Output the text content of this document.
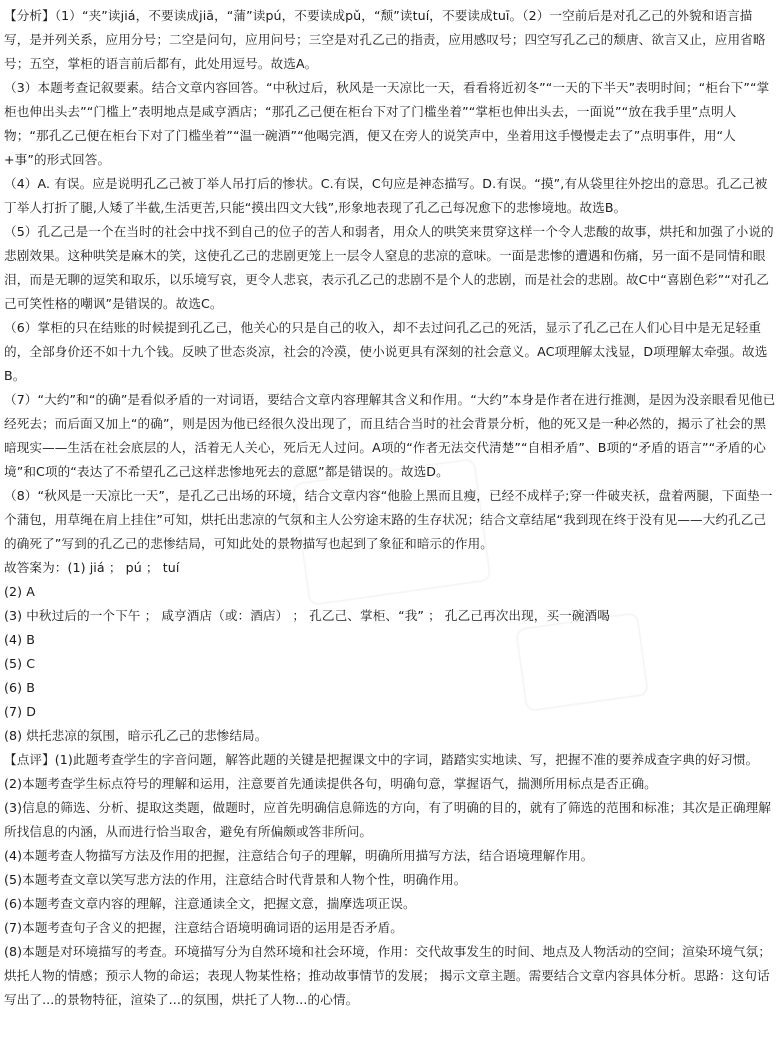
【分析】（1）“夹”读jiá，不要读成jiā，“蒲”读pú，不要读成pǔ，“颓”读tuí，不要读成tuī。（2）一空前后是对孔乙己的外貌和语言描写，是并列关系，应用分号；二空是问句，应用问号；三空是对孔乙己的指责，应用感叹号；四空写孔乙己的颓唐、欲言又止，应用省略号；五空，掌柜的语言前后都有，此处用逗号。故选A。

（3）本题考查记叙要素。结合文章内容回答。“中秋过后，秋风是一天凉比一天，看看将近初冬”“一天的下半天”表明时间；“柜台下”“掌柜也伸出头去”“门槛上”表明地点是咸亨酒店；“那孔乙己便在柜台下对了门槛坐着”“掌柜也伸出头去，一面说”“放在我手里”点明人物；“那孔乙己便在柜台下对了门槛坐着”“温一碗酒”“他喝完酒，便又在旁人的说笑声中，坐着用这手慢慢走去了”点明事件，用“人+事”的形式回答。

（4）A. 有误。应是说明孔乙己被丁举人吊打后的惨状。C.有误，C句应是神态描写。D.有误。“摸”,有从袋里往外挖出的意思。孔乙己被丁举人打折了腿,人矮了半截,生活更苦,只能“摸出四文大钱”,形象地表现了孔乙己每况愈下的悲惨境地。故选B。

（5）孔乙己是一个在当时的社会中找不到自己的位子的苦人和弱者，用众人的哄笑来贯穿这样一个令人悲酸的故事，烘托和加强了小说的悲剧效果。这种哄笑是麻木的笑，这使孔乙己的悲剧更笼上一层令人窒息的悲凉的意味。一面是悲惨的遭遇和伤痛，另一面不是同情和眼泪，而是无聊的逗笑和取乐，以乐境写哀，更令人悲哀，表示孔乙己的悲剧不是个人的悲剧，而是社会的悲剧。故C中“喜剧色彩”“对孔乙己可笑性格的嘲讽”是错误的。故选C。

（6）掌柜的只在结账的时候提到孔乙己，他关心的只是自己的收入，却不去过问孔乙己的死活，显示了孔乙己在人们心目中是无足轻重的，全部身价还不如十九个钱。反映了世态炎凉，社会的冷漠，使小说更具有深刻的社会意义。AC项理解太浅显，D项理解太牵强。故选B。

（7）“大约”和“的确”是看似矛盾的一对词语，要结合文章内容理解其含义和作用。“大约”本身是作者在进行推测，是因为没亲眼看见他已经死去；而后面又加上“的确”，则是因为他已经很久没出现了，而且结合当时的社会背景分析，他的死又是一种必然的，揭示了社会的黑暗现实——生活在社会底层的人，活着无人关心，死后无人过问。A项的“作者无法交代清楚”“自相矛盾”、B项的“矛盾的语言”“矛盾的心境”和C项的“表达了不希望孔乙己这样悲惨地死去的意愿”都是错误的。故选D。

（8）“秋风是一天凉比一天”，是孔乙己出场的环境，结合文章内容“他脸上黑而且瘦，已经不成样子;穿一件破夹袄，盘着两腿，下面垫一个蒲包，用草绳在肩上挂住”可知，烘托出悲凉的气氛和主人公穷途末路的生存状况；结合文章结尾“我到现在终于没有见——大约孔乙己的确死了”写到的孔乙己的悲惨结局，可知此处的景物描写也起到了象征和暗示的作用。

故答案为：(1) jiá ； pú ； tuí

(2) A

(3) 中秋过后的一个下午 ； 咸亨酒店（或：酒店） ； 孔乙己、掌柜、“我” ； 孔乙己再次出现，买一碗酒喝

(4) B

(5) C

(6) B

(7) D

(8) 烘托悲凉的氛围，暗示孔乙己的悲惨结局。

【点评】(1)此题考查学生的字音问题，解答此题的关键是把握课文中的字词，踏踏实实地读、写，把握不准的要养成查字典的好习惯。

(2)本题考查学生标点符号的理解和运用，注意要首先通读提供各句，明确句意，掌握语气，揣测所用标点是否正确。

(3)信息的筛选、分析、提取这类题，做题时，应首先明确信息筛选的方向，有了明确的目的，就有了筛选的范围和标准；其次是正确理解所找信息的内涵，从而进行恰当取舍，避免有所偏颇或答非所问。

(4)本题考查人物描写方法及作用的把握，注意结合句子的理解，明确所用描写方法，结合语境理解作用。

(5)本题考查文章以笑写悲方法的作用，注意结合时代背景和人物个性，明确作用。

(6)本题考查文章内容的理解，注意通读全文，把握文意，揣摩选项正误。

(7)本题考查句子含义的把握，注意结合语境明确词语的运用是否矛盾。

(8)本题是对环境描写的考查。环境描写分为自然环境和社会环境，作用：交代故事发生的时间、地点及人物活动的空间；渲染环境气氛；烘托人物的情感；预示人物的命运；表现人物某性格；推动故事情节的发展； 揭示文章主题。需要结合文章内容具体分析。思路：这句话写出了...的景物特征，渲染了...的氛围，烘托了人物...的心情。
